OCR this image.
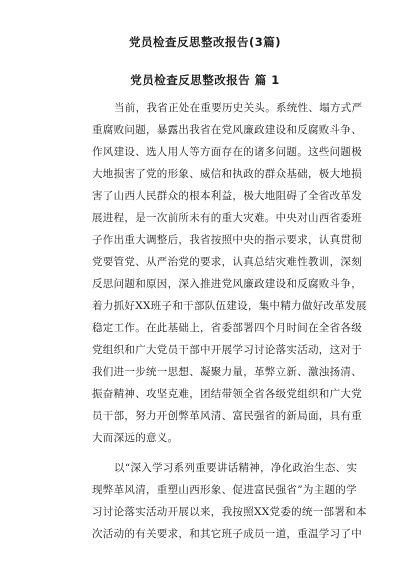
党员检查反思整改报告(3篇)
党员检查反思整改报告 篇 1
当前，我省正处在重要历史关头。系统性、塌方式严
重腐败问题，暴露出我省在党风廉政建设和反腐败斗争、
作风建设、选人用人等方面存在的诸多问题。这些问题极
大地损害了党的形象、威信和执政的群众基础，极大地损
害了山西人民群众的根本利益，极大地阻碍了全省改革发
展进程，是一次前所未有的重大灾难。中央对山西省委班
子作出重大调整后，我省按照中央的指示要求，认真贯彻
党要管党、从严治党的要求，认真总结灾难性教训，深刻
反思问题和原因，深入推进党风廉政建设和反腐败斗争，
着力抓好XX班子和干部队伍建设，集中精力做好改革发展
稳定工作。在此基础上，省委部署四个月时间在全省各级
党组织和广大党员干部中开展学习讨论落实活动，这对于
我们进一步统一思想、凝聚力量，革弊立新、激浊扬清、
振奋精神、攻坚克难，团结带领全省各级党组织和广大党
员干部，努力开创弊革风清、富民强省的新局面，具有重
大而深远的意义。
以“深入学习系列重要讲话精神，净化政治生态、实
现弊革风清，重塑山西形象、促进富民强省”为主题的学
习讨论落实活动开展以来，我按照XX党委的统一部署和本
次活动的有关要求，和其它班子成员一道，重温学习了中
